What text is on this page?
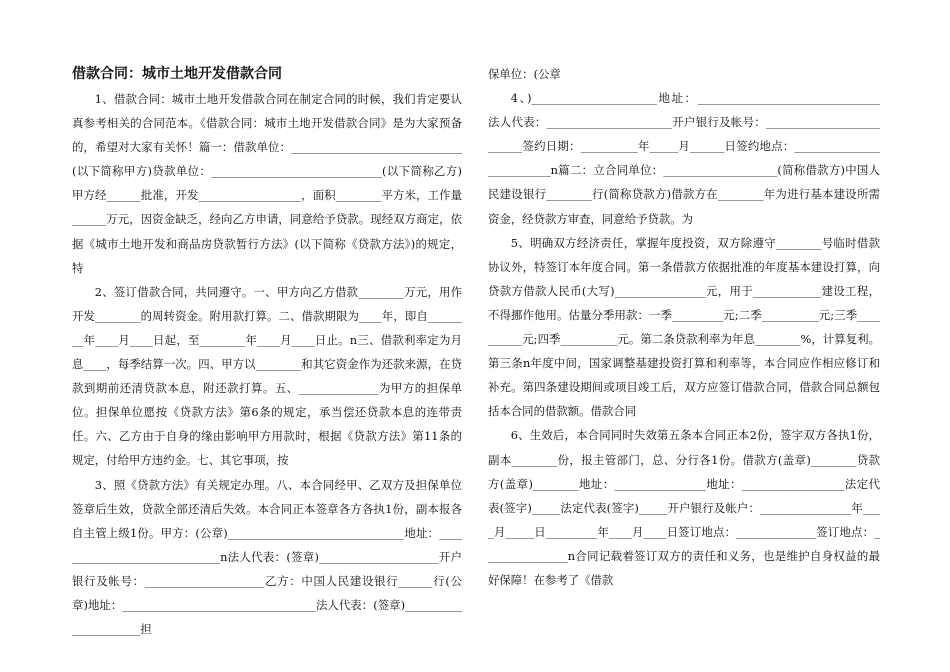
借款合同：城市土地开发借款合同

1、借款合同：城市土地开发借款合同在制定合同的时候，我们肯定要认真参考相关的合同范本。《借款合同：城市土地开发借款合同》是为大家预备的，希望对大家有关怀！篇一：借款单位：______________________________(以下简称甲方)贷款单位：______________________________(以下简称乙方)甲方经______批准，开发__________________，面积________平方米，工作量______万元，因资金缺乏，经向乙方申请，同意给予贷款。现经双方商定，依据《城市土地开发和商品房贷款暂行方法》(以下简称《贷款方法》)的规定，特

2、签订借款合同，共同遵守。一、甲方向乙方借款________万元，用作开发________的周转资金。附用款打算。二、借款期限为____年，即自________年____月____日起，至________年____月____日止。n三、借款利率定为月息____，每季结算一次。四、甲方以________和其它资金作为还款来源，在贷款到期前还清贷款本息，附还款打算。五、______________为甲方的担保单位。担保单位愿按《贷款方法》第6条的规定，承当偿还贷款本息的连带责任。六、乙方由于自身的缘由影响甲方用款时，根据《贷款方法》第11条的规定，付给甲方违约金。七、其它事项，按

3、照《贷款方法》有关规定办理。八、本合同经甲、乙双方及担保单位签章后生效，贷款全部还清后失效。本合同正本签章各方各执1份，副本报各自主管上级1份。甲方：(公章)_______________________________地址：______________________________n法人代表：(签章)_____________________开户银行及帐号：_____________________乙方：中国人民建设银行______行(公章)地址：__________________________________法人代表：(签章)______________________担

保单位：(公章

4、)______________________地址：________________________________法人代表：______________________开户银行及帐号：__________________________签约日期：__________年_____月______日签约地点：__________________________n篇二：立合同单位：____________________(简称借款方)中国人民建设银行________行(简称贷款方)借款方在________年为进行基本建设所需资金，经贷款方审查，同意给予贷款。为

5、明确双方经济责任，掌握年度投资，双方除遵守________号临时借款协议外，特签订本年度合同。第一条借款方依据批准的年度基本建设打算，向贷款方借款人民币(大写)________________元，用于____________建设工程，不得挪作他用。估量分季用款：一季_________元;二季__________元;三季__________元;四季__________元。第二条贷款利率为年息________%，计算复利。第三条n年度中间，国家调整基建投资打算和利率等，本合同应作相应修订和补充。第四条建设期间或项目竣工后，双方应签订借款合同，借款合同总额包括本合同的借款额。借款合同

6、生效后，本合同同时失效第五条本合同正本2份，签字双方各执1份，副本________份，报主管部门，总、分行各1份。借款方(盖章)________贷款方(盖章)________地址：________________地址：__________________法定代表(签字)_____法定代表(签字)_____开户银行及帐户：________________年____月_____日_________年____月____日签订地点：______________签订地点：_______________n合同记载着签订双方的责任和义务，也是维护自身权益的最好保障！在参考了《借款
